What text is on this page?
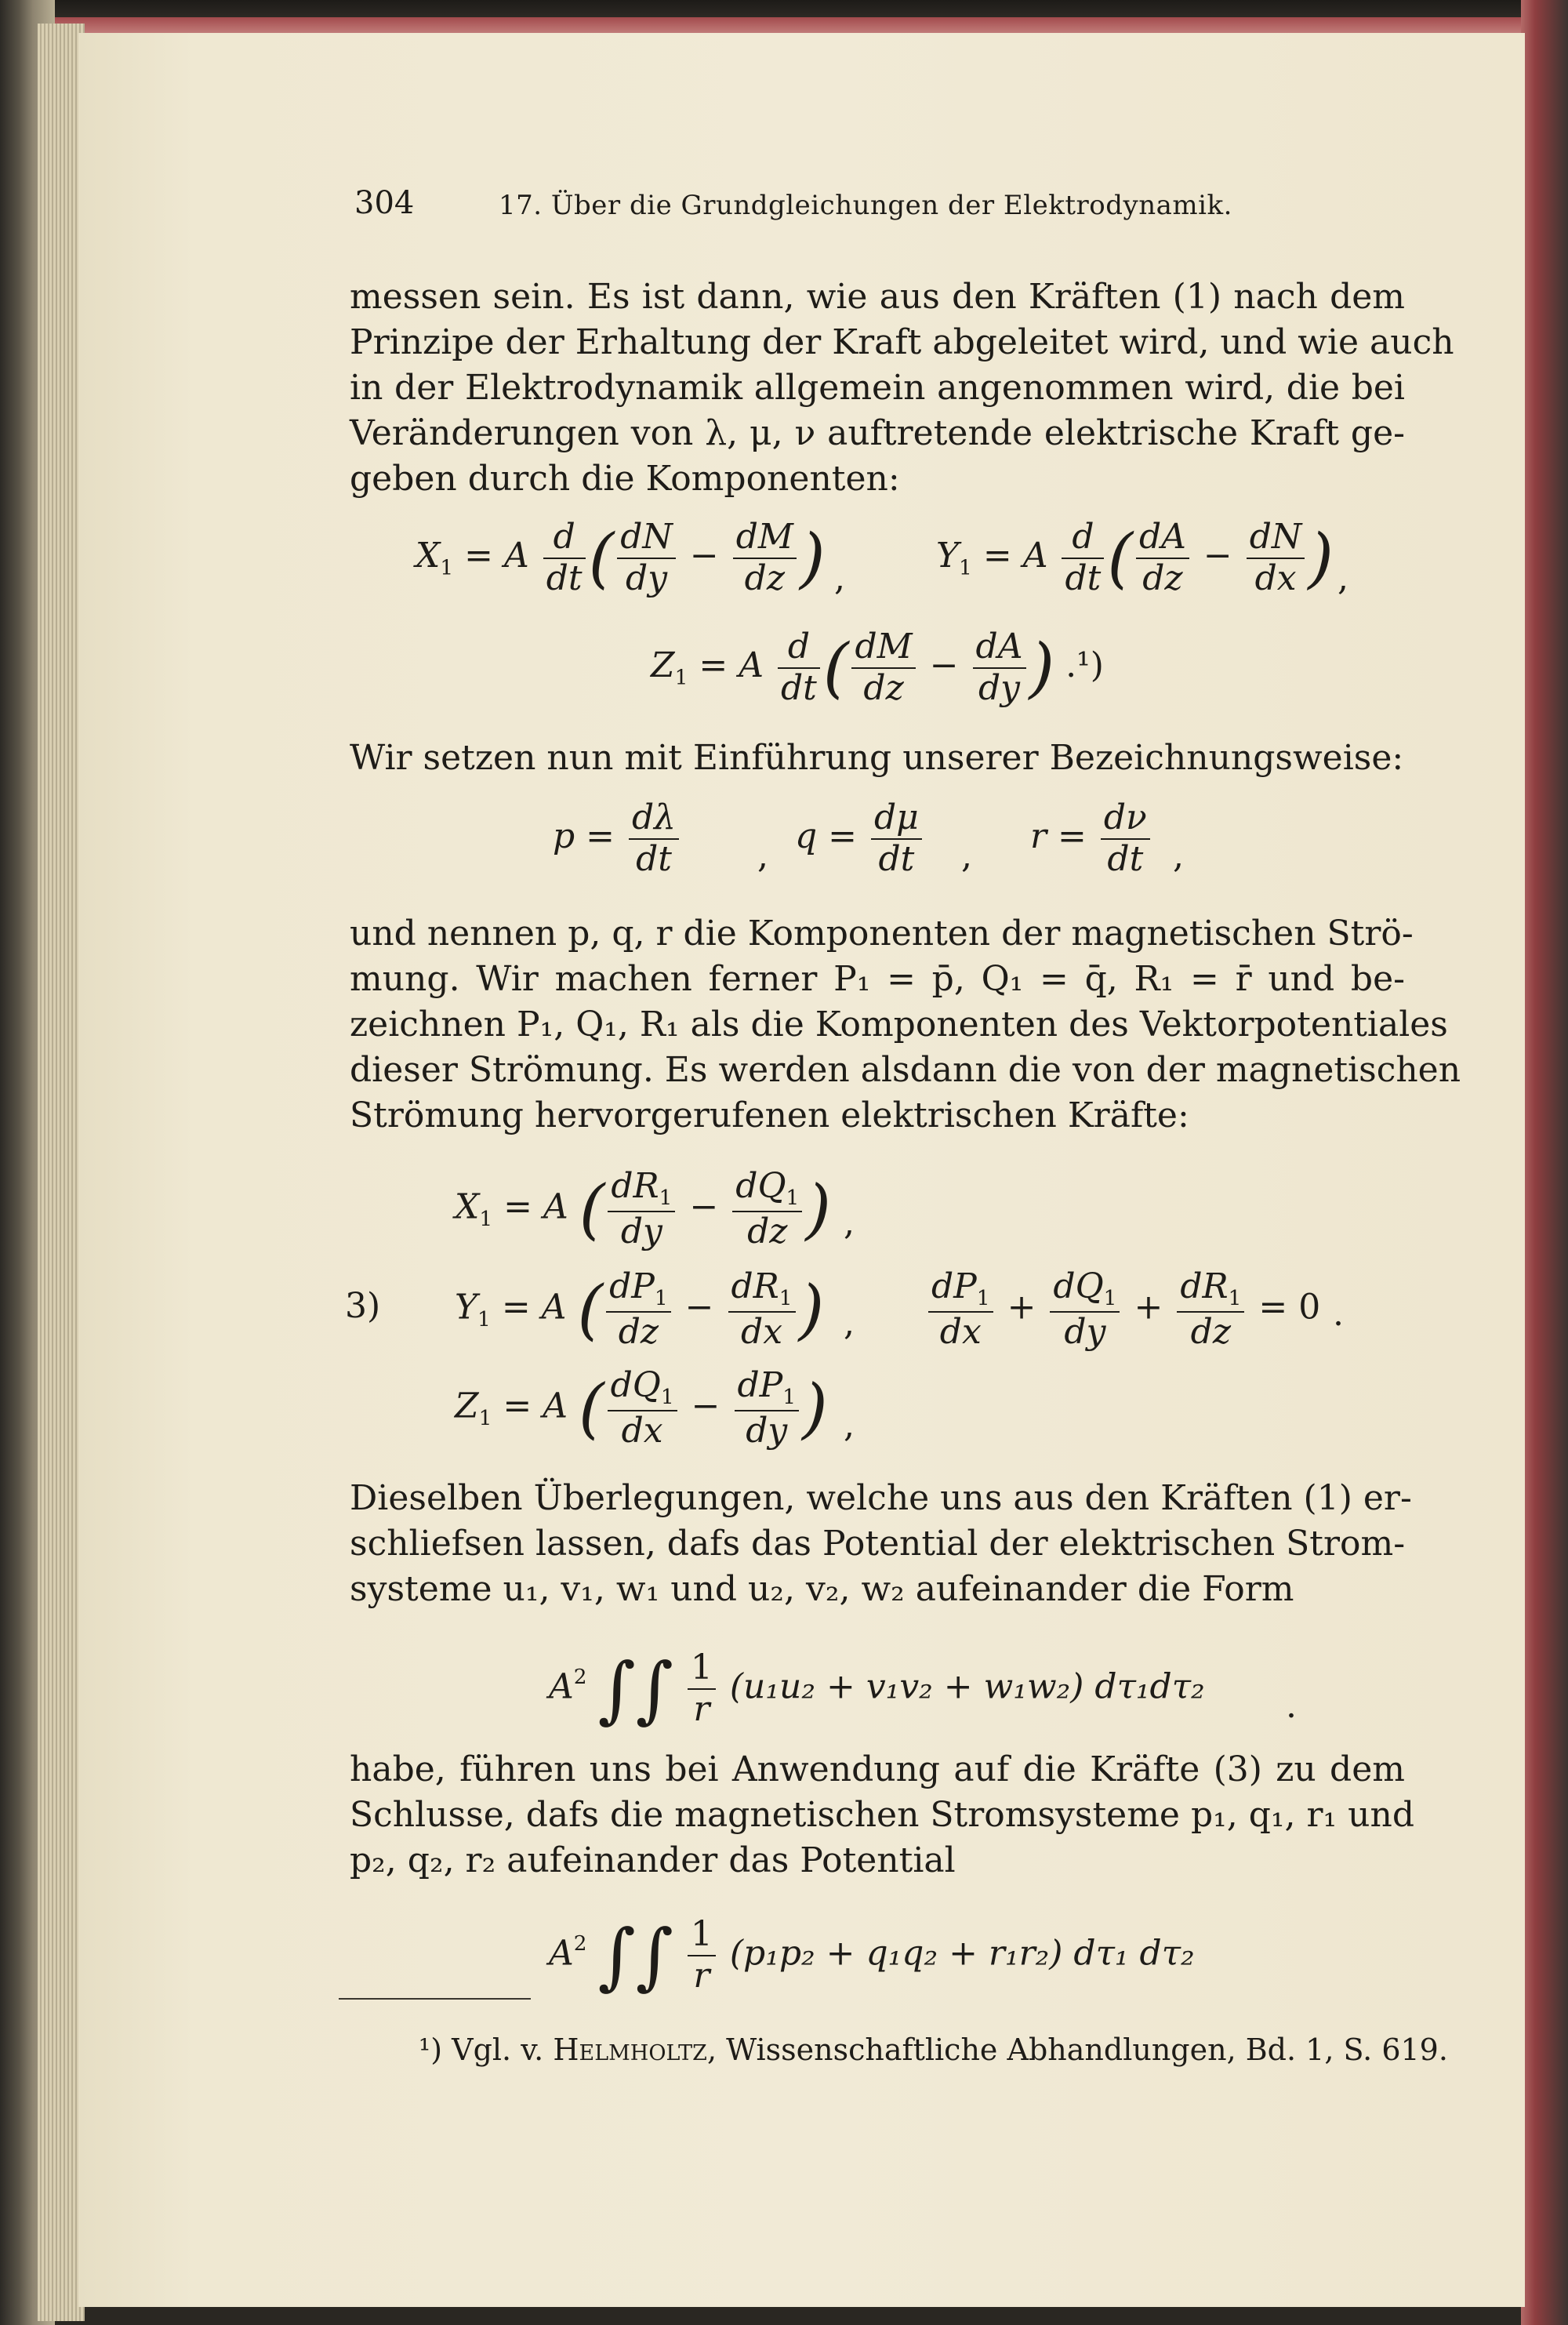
304	17. Über die Grundgleichungen der Elektrodynamik.
messen sein. Es ist dann, wie aus den Kräften (1) nach dem
Prinzipe der Erhaltung der Kraft abgeleitet wird, und wie auch
in der Elektrodynamik allgemein angenommen wird, die bei
Veränderungen von λ, μ, ν auftretende elektrische Kraft ge-
geben durch die Komponenten:
$X_1 = A \frac{d}{dt}$ ( $\frac{dN}{dy} - \frac{dM}{dz}$ ) ,
$Y_1 = A \frac{d}{dt}$ ( $\frac{dA}{dz} - \frac{dN}{dx}$ ) ,
$Z_1 = A \frac{d}{dt}$ ( $\frac{dM}{dz} - \frac{dA}{dy}$ ) .¹)
Wir setzen nun mit Einführung unserer Bezeichnungsweise:
$p = \frac{d\lambda}{dt}$ , $q = \frac{d\mu}{dt}$ , $r = \frac{d\nu}{dt}$ ,
und nennen p, q, r die Komponenten der magnetischen Strö-
mung. Wir machen ferner P₁ = p̄, Q₁ = q̄, R₁ = r̄ und be-
zeichnen P₁, Q₁, R₁ als die Komponenten des Vektorpotentiales
dieser Strömung. Es werden alsdann die von der magnetischen
Strömung hervorgerufenen elektrischen Kräfte:
$X_1 = A$ ( $\frac{dR_1}{dy} - \frac{dQ_1}{dz}$ ) ,
3) $Y_1 = A$ ( $\frac{dP_1}{dz} - \frac{dR_1}{dx}$ ) , $\frac{dP_1}{dx} + \frac{dQ_1}{dy} + \frac{dR_1}{dz} = 0$ .
$Z_1 = A$ ( $\frac{dQ_1}{dx} - \frac{dP_1}{dy}$ ) ,
Dieselben Überlegungen, welche uns aus den Kräften (1) er-
schliefsen lassen, dafs das Potential der elektrischen Strom-
systeme u₁, v₁, w₁ und u₂, v₂, w₂ aufeinander die Form
$A^2$ ∫∫ $\frac{1}{r} (u_1u_2 + v_1v_2 + w_1w_2)$ dτ₁dτ₂ .
habe, führen uns bei Anwendung auf die Kräfte (3) zu dem
Schlusse, dafs die magnetischen Stromsysteme p₁, q₁, r₁ und
p₂, q₂, r₂ aufeinander das Potential
$A^2$ ∫∫ $\frac{1}{r} (p_1p_2 + q_1q_2 + r_1r_2)$ dτ₁ dτ₂
¹) Vgl. v. Helmholtz, Wissenschaftliche Abhandlungen, Bd. 1, S. 619.
